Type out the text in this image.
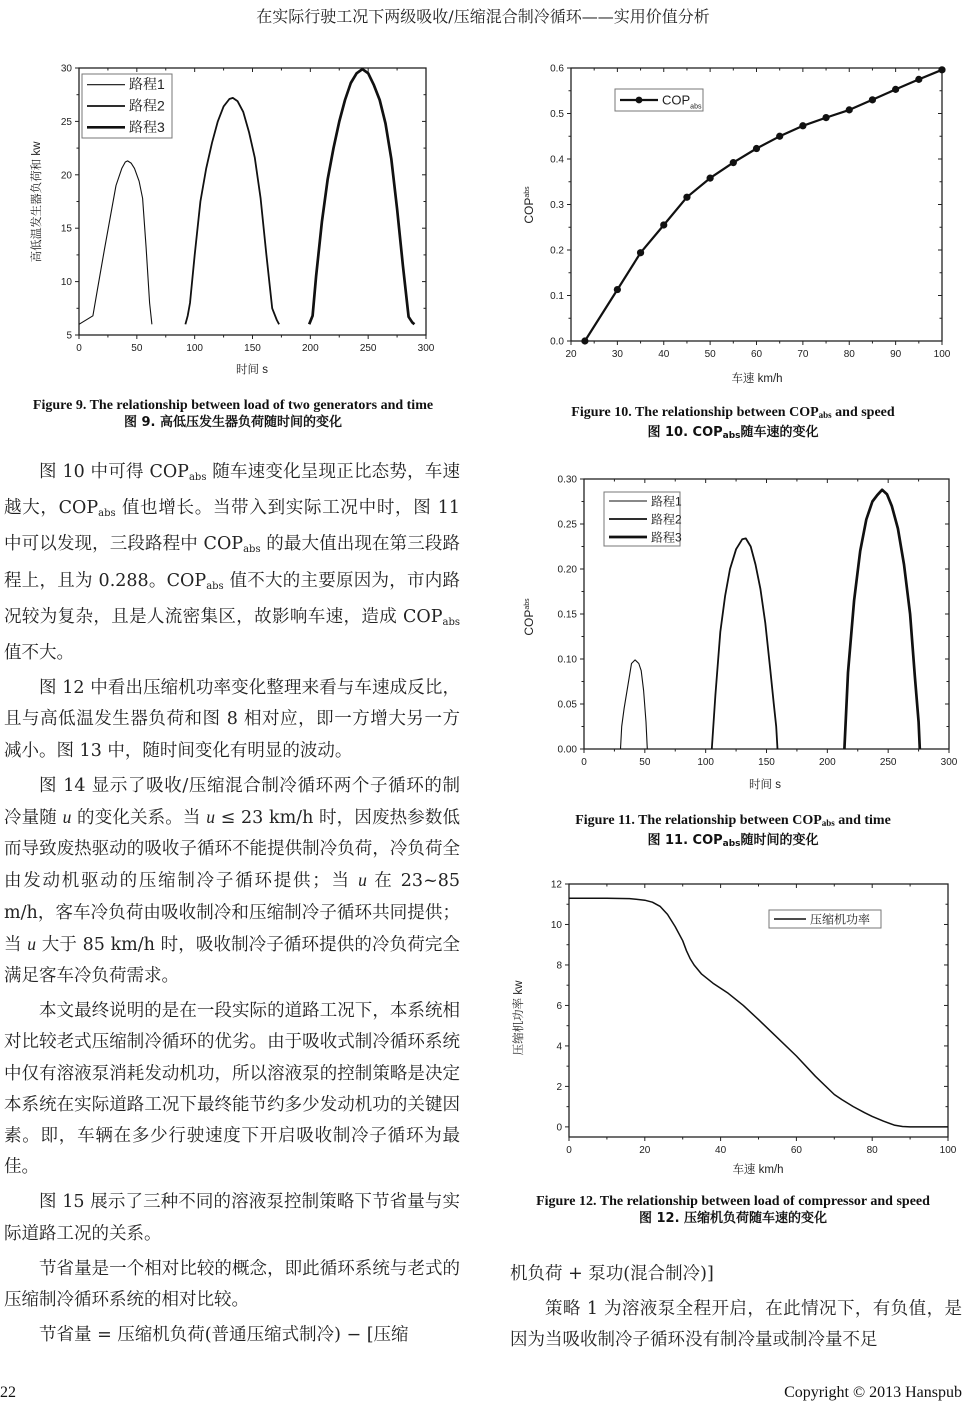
在实际行驶工况下两级吸收/压缩混合制冷循环——实用价值分析
0	50	100	150	200	250	300
5
10
15
20
25
30
时间 s
高低温发生器负荷和 kw
路程1
路程2
路程3
Figure 9. The relationship between load of two generators and time
图 9. 高低压发生器负荷随时间的变化
20	30	40	50	60	70	80	90	100
0.0
0.1
0.2
0.3
0.4
0.5
0.6
车速 km/h
$COP^{abs}$
$COP_{abs}$
Figure 10. The relationship between $COP_{abs}$ and speed
图 10. $COP_{abs}$随车速的变化
0	50	100	150	200	250	300
0.00
0.05
0.10
0.15
0.20
0.25
0.30
时间 s
$COP^{abs}$
路程1
路程2
路程3
Figure 11. The relationship between $COP_{abs}$ and time
图 11. $COP_{abs}$随时间的变化
0	20	40	60	80	100
0
2
4
6
8
10
12
车速 km/h
压缩机功率 kw
压缩机功率
Figure 12. The relationship between load of compressor and speed
图 12. 压缩机负荷随车速的变化

图 10 中可得 $COP_{abs}$ 随车速变化呈现正比态势，车速越大，$COP_{abs}$ 值也增长。当带入到实际工况中时，图 11 中可以发现，三段路程中 $COP_{abs}$ 的最大值出现在第三段路程上，且为 0.288。$COP_{abs}$ 值不大的主要原因为，市内路况较为复杂，且是人流密集区，故影响车速，造成 $COP_{abs}$ 值不大。

图 12 中看出压缩机功率变化整理来看与车速成反比，且与高低温发生器负荷和图 8 相对应，即一方增大另一方减小。图 13 中，随时间变化有明显的波动。

图 14 显示了吸收/压缩混合制冷循环两个子循环的制冷量随 u 的变化关系。当 u ≤ 23 km/h 时，因废热参数低而导致废热驱动的吸收子循环不能提供制冷负荷，冷负荷全由发动机驱动的压缩制冷子循环提供；当 u 在 23~85 m/h，客车冷负荷由吸收制冷和压缩制冷子循环共同提供；当 u 大于 85 km/h 时，吸收制冷子循环提供的冷负荷完全满足客车冷负荷需求。

本文最终说明的是在一段实际的道路工况下，本系统相对比较老式压缩制冷循环的优劣。由于吸收式制冷循环系统中仅有溶液泵消耗发动机功，所以溶液泵的控制策略是决定本系统在实际道路工况下最终能节约多少发动机功的关键因素。即，车辆在多少行驶速度下开启吸收制冷子循环为最佳。

图 15 展示了三种不同的溶液泵控制策略下节省量与实际道路工况的关系。

节省量是一个相对比较的概念，即此循环系统与老式的压缩制冷循环系统的相对比较。

节省量 = 压缩机负荷(普通压缩式制冷) − [压缩

机负荷 + 泵功(混合制冷)]

策略 1 为溶液泵全程开启，在此情况下，有负值，是因为当吸收制冷子循环没有制冷量或制冷量不足

22	Copyright © 2013 Hanspub
